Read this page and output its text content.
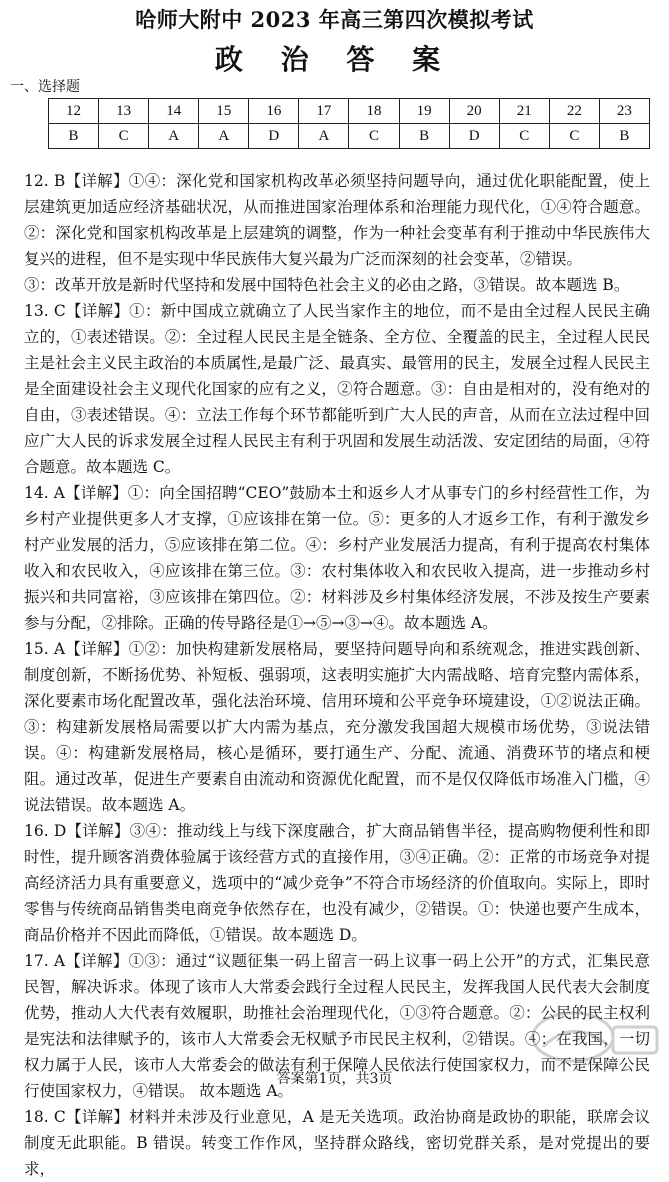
哈师大附中 2023 年高三第四次模拟考试
政 治 答 案
一、选择题
12	13	14	15	16	17	18	19	20	21	22	23
B	C	A	A	D	A	C	B	D	C	C	B

12. B【详解】①④：深化党和国家机构改革必须坚持问题导向，通过优化职能配置，使上层建筑更加适应经济基础状况，从而推进国家治理体系和治理能力现代化，①④符合题意。②：深化党和国家机构改革是上层建筑的调整，作为一种社会变革有利于推动中华民族伟大复兴的进程，但不是实现中华民族伟大复兴最为广泛而深刻的社会变革，②错误。

③：改革开放是新时代坚持和发展中国特色社会主义的必由之路，③错误。故本题选 B。

13. C【详解】①：新中国成立就确立了人民当家作主的地位，而不是由全过程人民民主确立的，①表述错误。②：全过程人民民主是全链条、全方位、全覆盖的民主，全过程人民民主是社会主义民主政治的本质属性,是最广泛、最真实、最管用的民主，发展全过程人民民主是全面建设社会主义现代化国家的应有之义，②符合题意。③：自由是相对的，没有绝对的自由，③表述错误。④：立法工作每个环节都能听到广大人民的声音，从而在立法过程中回应广大人民的诉求发展全过程人民民主有利于巩固和发展生动活泼、安定团结的局面，④符合题意。故本题选 C。

14. A【详解】①：向全国招聘“CEO”鼓励本土和返乡人才从事专门的乡村经营性工作，为乡村产业提供更多人才支撑，①应该排在第一位。⑤：更多的人才返乡工作，有利于激发乡村产业发展的活力，⑤应该排在第二位。④：乡村产业发展活力提高，有利于提高农村集体收入和农民收入，④应该排在第三位。③：农村集体收入和农民收入提高，进一步推动乡村振兴和共同富裕，③应该排在第四位。②：材料涉及乡村集体经济发展，不涉及按生产要素参与分配，②排除。正确的传导路径是①→⑤→③→④。故本题选 A。

15. A【详解】①②：加快构建新发展格局，要坚持问题导向和系统观念，推进实践创新、制度创新，不断扬优势、补短板、强弱项，这表明实施扩大内需战略、培育完整内需体系，深化要素市场化配置改革，强化法治环境、信用环境和公平竞争环境建设，①②说法正确。③：构建新发展格局需要以扩大内需为基点，充分激发我国超大规模市场优势，③说法错误。④：构建新发展格局，核心是循环，要打通生产、分配、流通、消费环节的堵点和梗阻。通过改革，促进生产要素自由流动和资源优化配置，而不是仅仅降低市场准入门槛，④说法错误。故本题选 A。

16. D【详解】③④：推动线上与线下深度融合，扩大商品销售半径，提高购物便利性和即时性，提升顾客消费体验属于该经营方式的直接作用，③④正确。②：正常的市场竞争对提高经济活力具有重要意义，选项中的“减少竞争”不符合市场经济的价值取向。实际上，即时零售与传统商品销售类电商竞争依然存在，也没有减少，②错误。①：快递也要产生成本，商品价格并不因此而降低，①错误。故本题选 D。

17. A【详解】①③：通过“议题征集一码上留言一码上议事一码上公开”的方式，汇集民意民智，解决诉求。体现了该市人大常委会践行全过程人民民主，发挥我国人民代表大会制度优势，推动人大代表有效履职，助推社会治理现代化，①③符合题意。②：公民的民主权利是宪法和法律赋予的，该市人大常委会无权赋予市民民主权利，②错误。④：在我国，一切权力属于人民，该市人大常委会的做法有利于保障人民依法行使国家权力，而不是保障公民行使国家权力，④错误。 故本题选 A。

18. C【详解】材料并未涉及行业意见，A 是无关选项。政治协商是政协的职能，联席会议制度无此职能。B 错误。转变工作作风，坚持群众路线，密切党群关系，是对党提出的要求，

答案第1页，共3页
